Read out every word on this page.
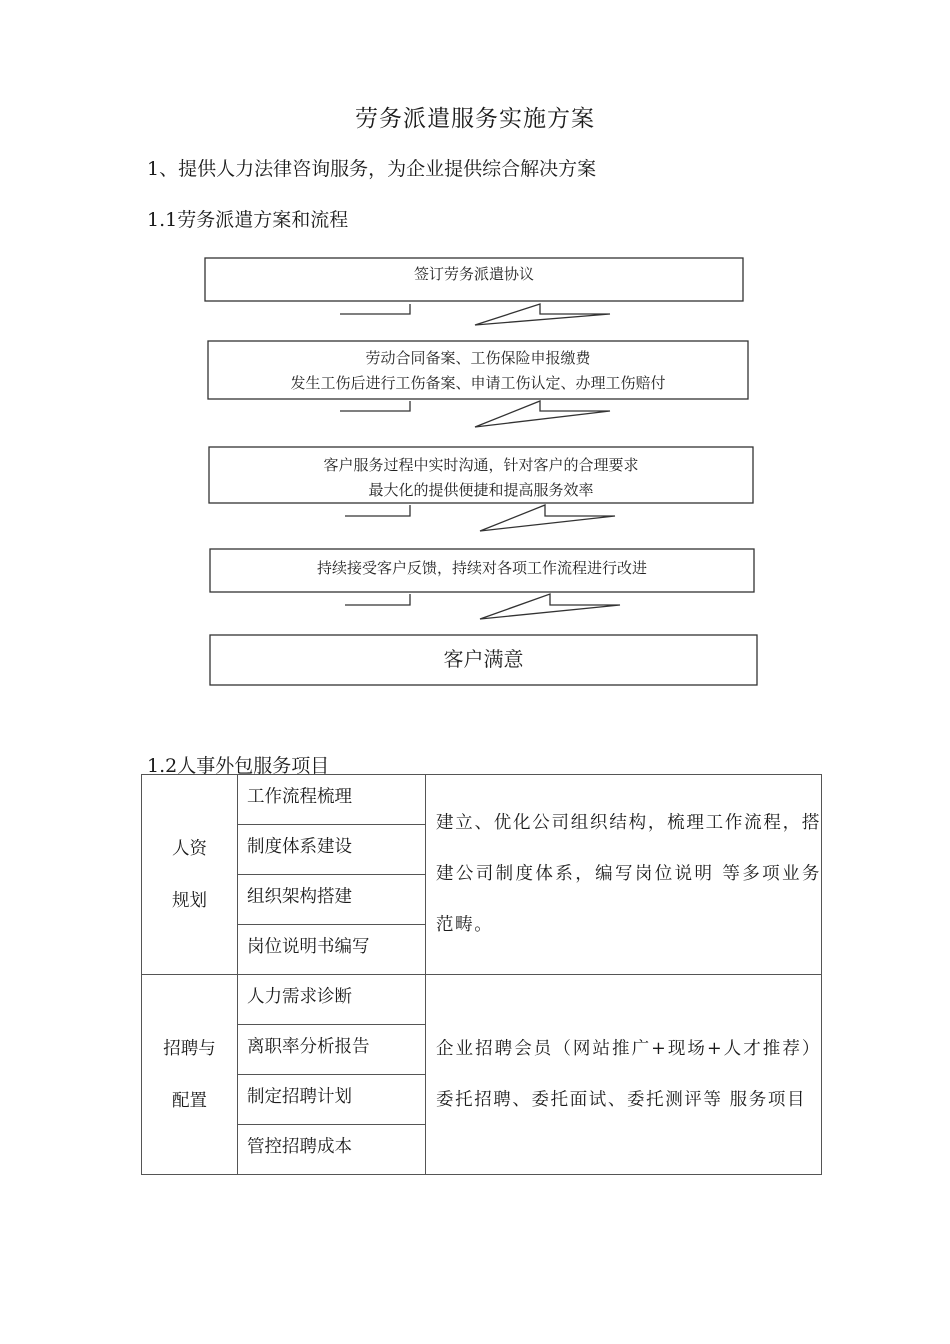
劳务派遣服务实施方案
1、提供人力法律咨询服务，为企业提供综合解决方案
1.1劳务派遣方案和流程
签订劳务派遣协议
劳动合同备案、工伤保险申报缴费
发生工伤后进行工伤备案、申请工伤认定、办理工伤赔付
客户服务过程中实时沟通，针对客户的合理要求
最大化的提供便捷和提高服务效率
持续接受客户反馈，持续对各项工作流程进行改进
客户满意
1.2人事外包服务项目
人资
规划	工作流程梳理	建立、优化公司组织结构，梳理工作流程，搭建公司制度体系，编写岗位说明 等多项业务范畴。
	制度体系建设	
	组织架构搭建	
	岗位说明书编写	
招聘与
配置	人力需求诊断	企业招聘会员（网站推广+现场+人才推荐）委托招聘、委托面试、委托测评等 服务项目
	离职率分析报告	
	制定招聘计划	
	管控招聘成本	
